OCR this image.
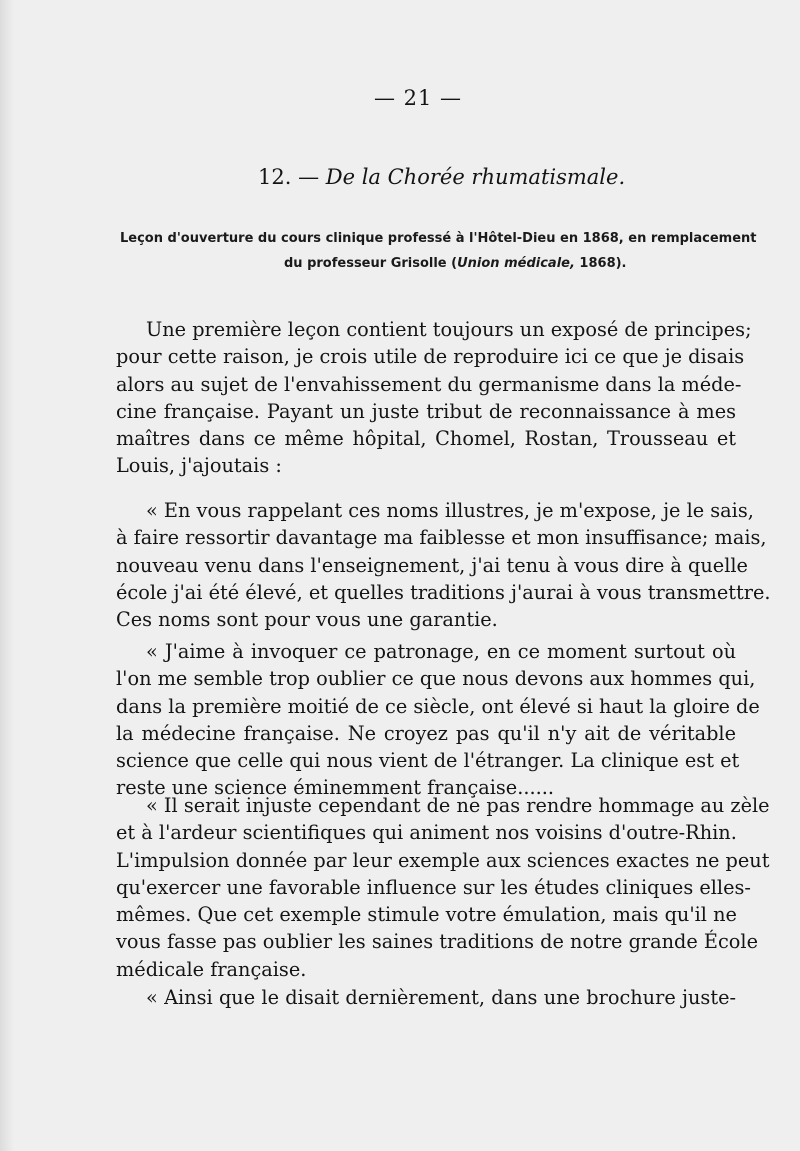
— 21 —
12. — De la Chorée rhumatismale.
Leçon d'ouverture du cours clinique professé à l'Hôtel-Dieu en 1868, en remplacement
du professeur Grisolle (Union médicale, 1868).
Une première leçon contient toujours un exposé de principes;
pour cette raison, je crois utile de reproduire ici ce que je disais
alors au sujet de l'envahissement du germanisme dans la méde-
cine française. Payant un juste tribut de reconnaissance à mes
maîtres dans ce même hôpital, Chomel, Rostan, Trousseau et
Louis, j'ajoutais :
« En vous rappelant ces noms illustres, je m'expose, je le sais,
à faire ressortir davantage ma faiblesse et mon insuffisance; mais,
nouveau venu dans l'enseignement, j'ai tenu à vous dire à quelle
école j'ai été élevé, et quelles traditions j'aurai à vous transmettre.
Ces noms sont pour vous une garantie.
« J'aime à invoquer ce patronage, en ce moment surtout où
l'on me semble trop oublier ce que nous devons aux hommes qui,
dans la première moitié de ce siècle, ont élevé si haut la gloire de
la médecine française. Ne croyez pas qu'il n'y ait de véritable
science que celle qui nous vient de l'étranger. La clinique est et
reste une science éminemment française......
« Il serait injuste cependant de ne pas rendre hommage au zèle
et à l'ardeur scientifiques qui animent nos voisins d'outre-Rhin.
L'impulsion donnée par leur exemple aux sciences exactes ne peut
qu'exercer une favorable influence sur les études cliniques elles-
mêmes. Que cet exemple stimule votre émulation, mais qu'il ne
vous fasse pas oublier les saines traditions de notre grande École
médicale française.
« Ainsi que le disait dernièrement, dans une brochure juste-
